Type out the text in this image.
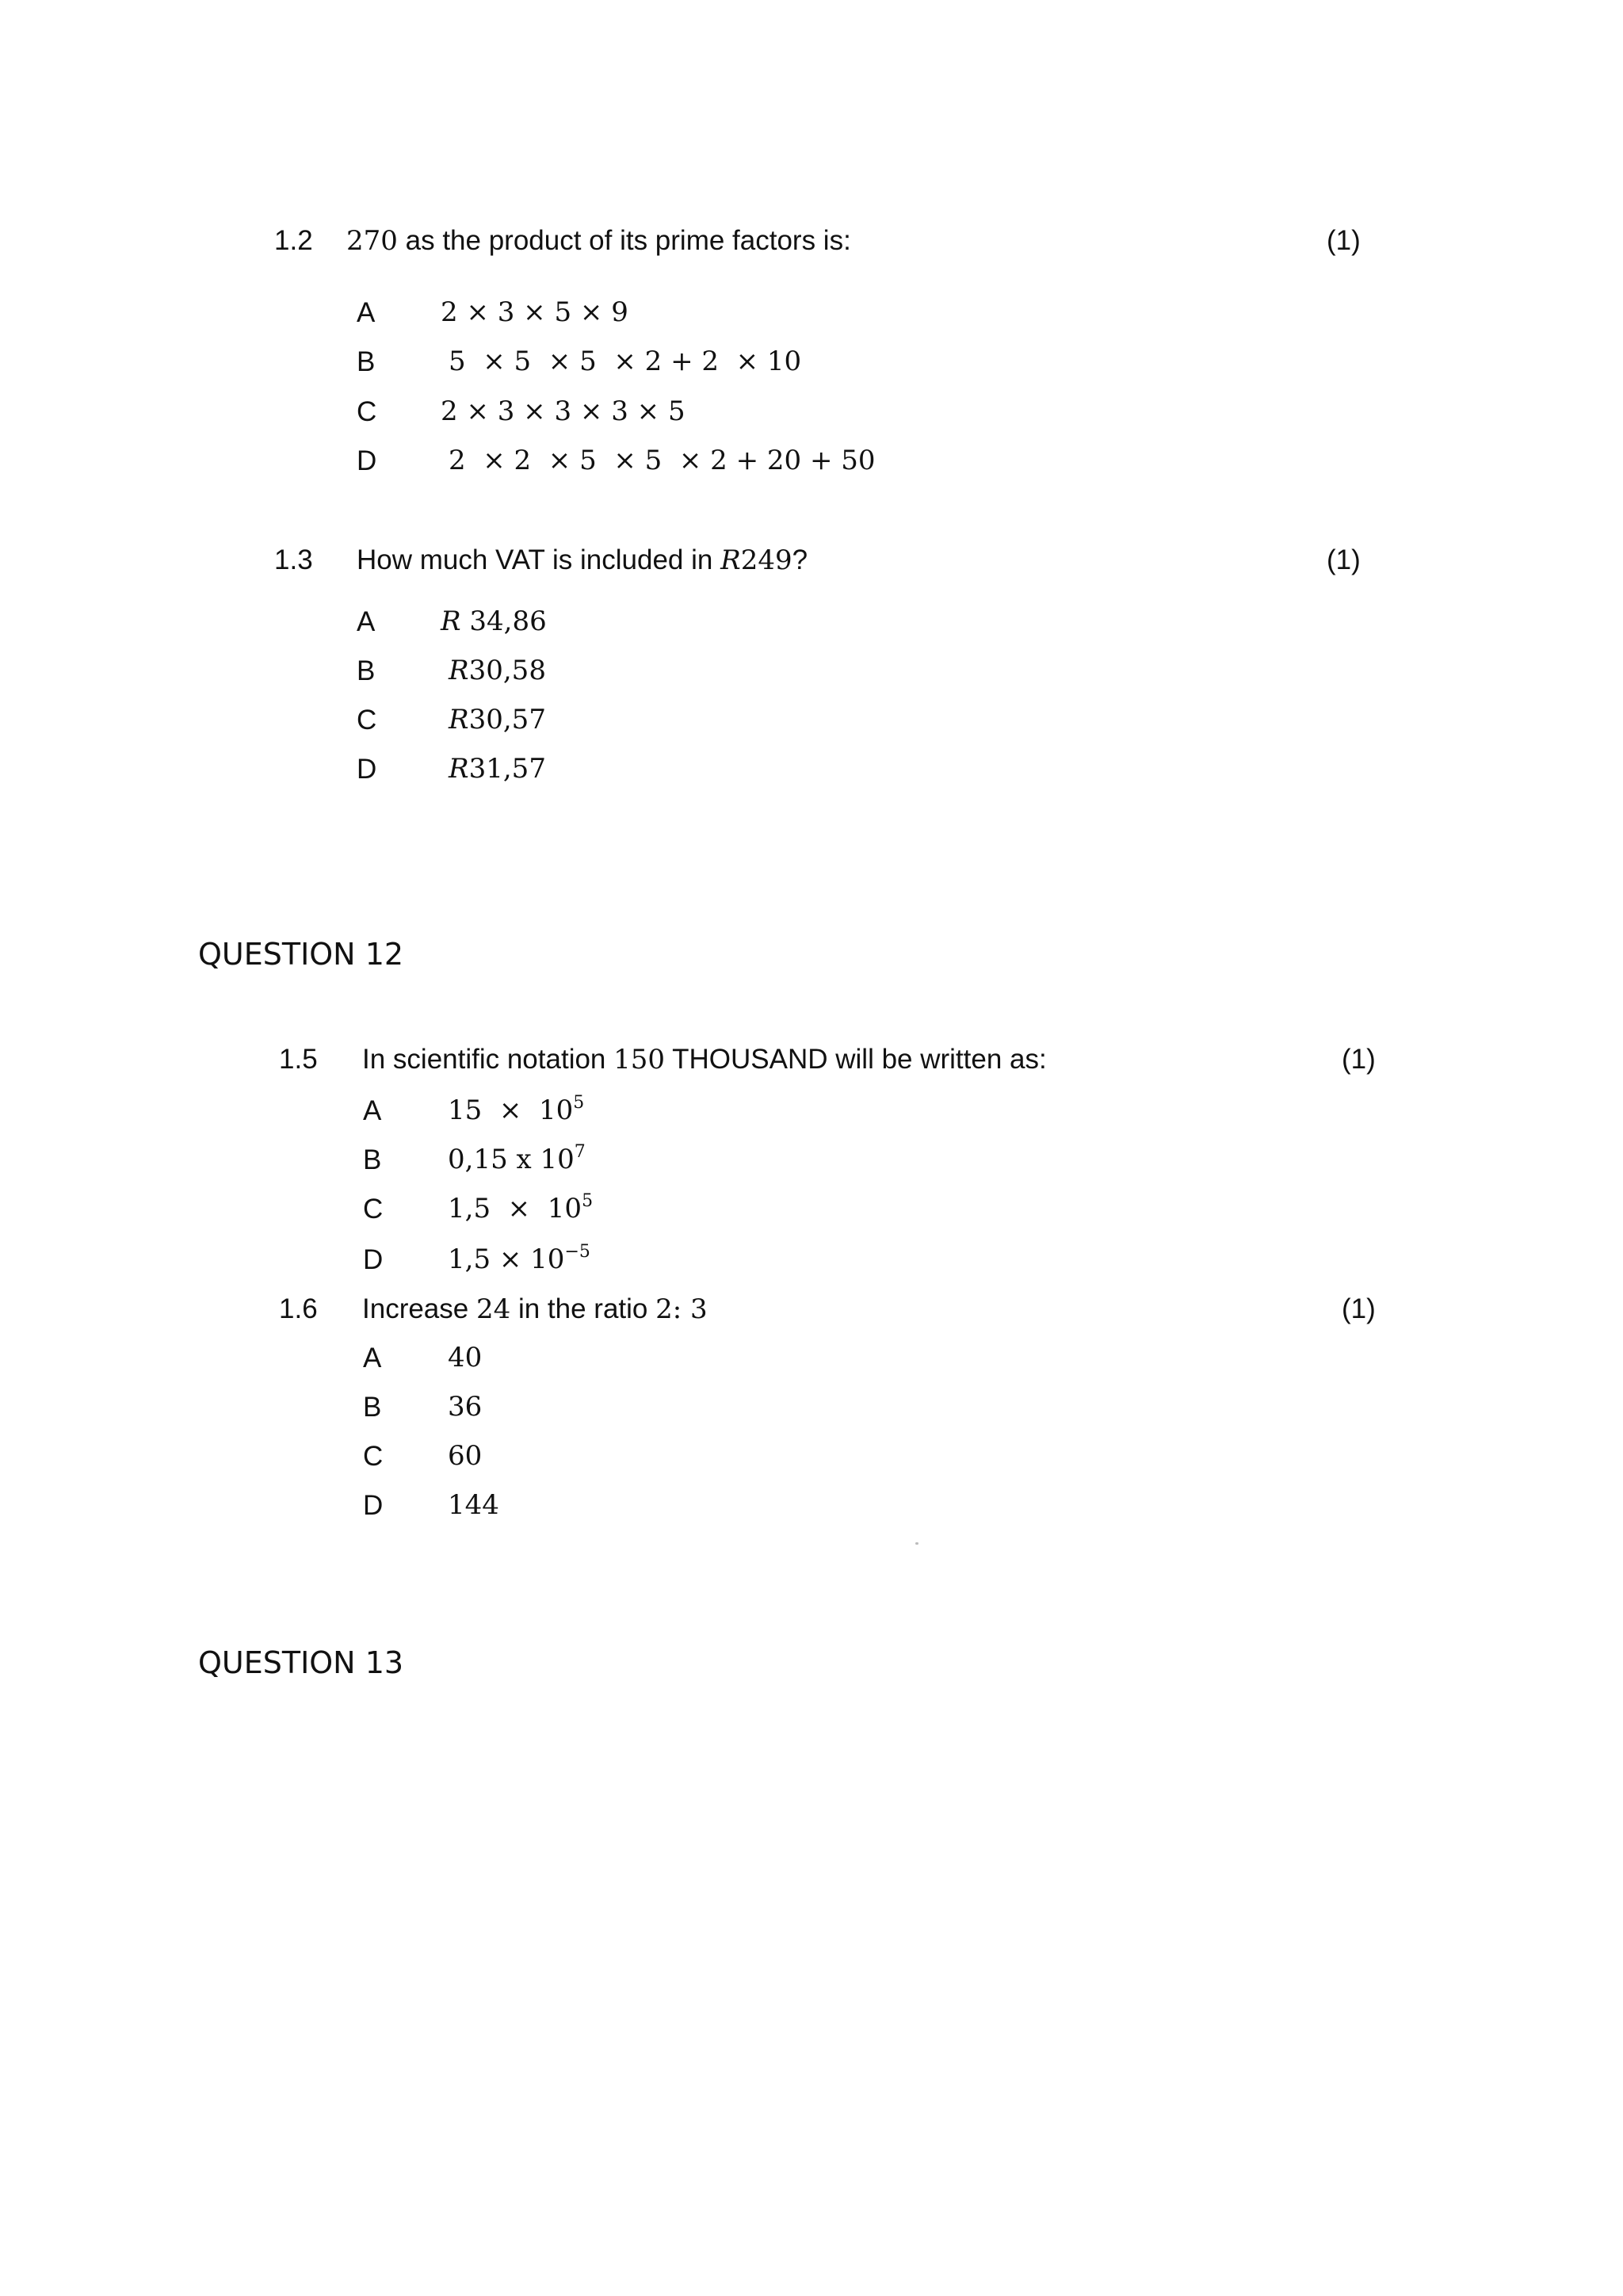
1.2 270 as the product of its prime factors is:	(1)
A 2 × 3 × 5 × 9
B	5  × 5  × 5  × 2 + 2  × 10
C 2 × 3 × 3 × 3 × 5
D	2  × 2  × 5  × 5  × 2 + 20 + 50
1.3 How much VAT is included in R249?	(1)
A R 34,86
B	R30,58
C	R30,57
D	R31,57
QUESTION 12
1.5 In scientific notation 150 THOUSAND will be written as:	(1)
A $15 \times 10^5$
B 0,15 x $10^7$
C $1,5 \times 10^5$
D $1,5 \times 10^{-5}$
1.6 Increase 24 in the ratio 2: 3	(1)
A 40
B 36
C 60
D 144
QUESTION 13
